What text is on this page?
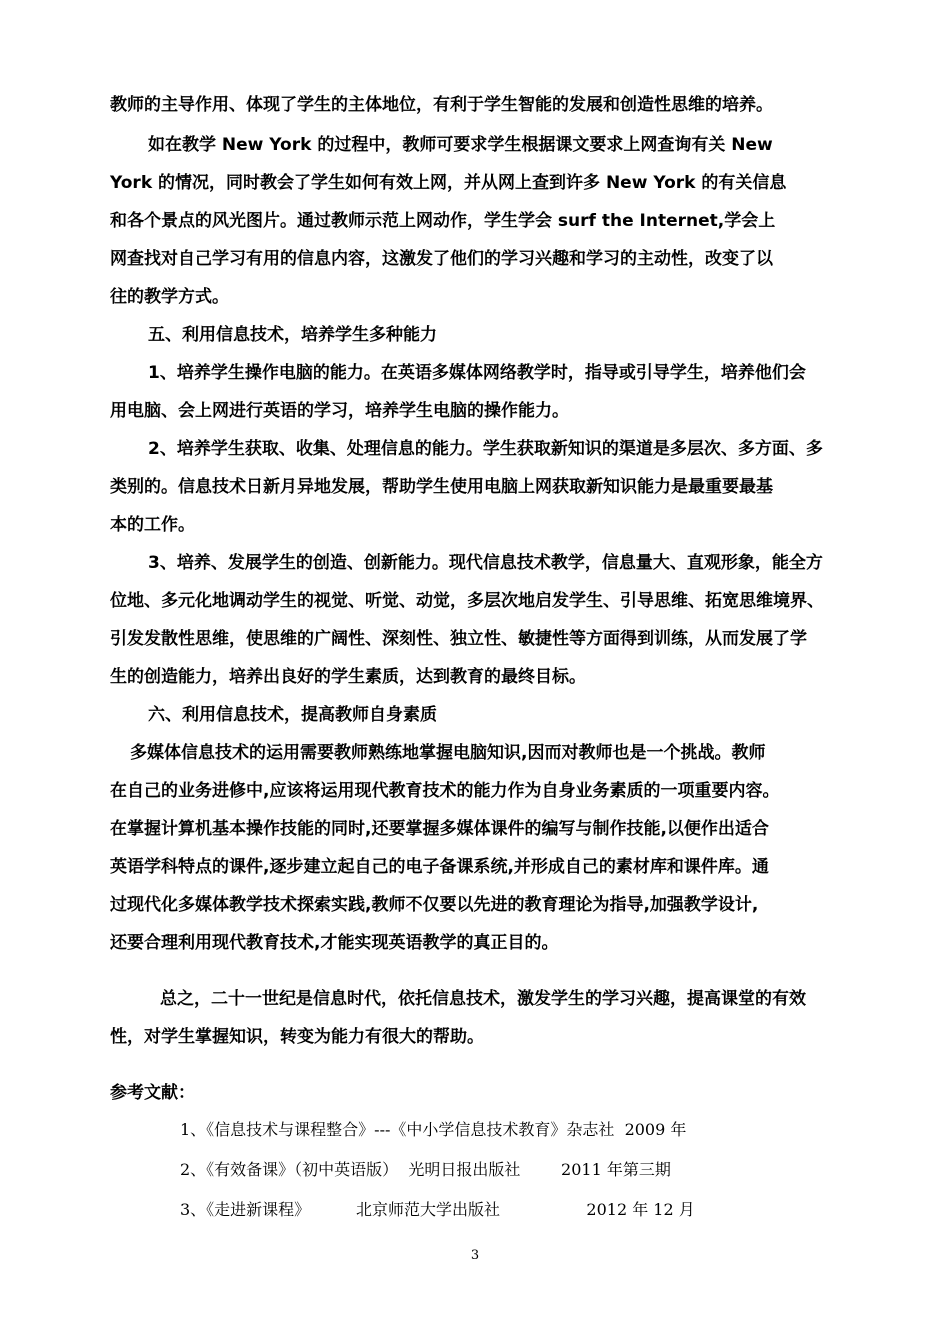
教师的主导作用、体现了学生的主体地位，有利于学生智能的发展和创造性思维的培养。
如在教学 New York 的过程中，教师可要求学生根据课文要求上网查询有关 New
York 的情况，同时教会了学生如何有效上网，并从网上查到许多 New York 的有关信息
和各个景点的风光图片。通过教师示范上网动作，学生学会 surf the Internet,学会上
网查找对自己学习有用的信息内容，这激发了他们的学习兴趣和学习的主动性，改变了以
往的教学方式。
五、利用信息技术，培养学生多种能力
1、培养学生操作电脑的能力。在英语多媒体网络教学时，指导或引导学生，培养他们会
用电脑、会上网进行英语的学习，培养学生电脑的操作能力。
2、培养学生获取、收集、处理信息的能力。学生获取新知识的渠道是多层次、多方面、多
类别的。信息技术日新月异地发展，帮助学生使用电脑上网获取新知识能力是最重要最基
本的工作。
3、培养、发展学生的创造、创新能力。现代信息技术教学，信息量大、直观形象，能全方
位地、多元化地调动学生的视觉、听觉、动觉，多层次地启发学生、引导思维、拓宽思维境界、
引发发散性思维，使思维的广阔性、深刻性、独立性、敏捷性等方面得到训练，从而发展了学
生的创造能力，培养出良好的学生素质，达到教育的最终目标。
六、利用信息技术，提高教师自身素质
多媒体信息技术的运用需要教师熟练地掌握电脑知识,因而对教师也是一个挑战。教师
在自己的业务进修中,应该将运用现代教育技术的能力作为自身业务素质的一项重要内容。
在掌握计算机基本操作技能的同时,还要掌握多媒体课件的编写与制作技能,以便作出适合
英语学科特点的课件,逐步建立起自己的电子备课系统,并形成自己的素材库和课件库。通
过现代化多媒体教学技术探索实践,教师不仅要以先进的教育理论为指导,加强教学设计,
还要合理利用现代教育技术,才能实现英语教学的真正目的。
总之，二十一世纪是信息时代，依托信息技术，激发学生的学习兴趣，提高课堂的有效
性，对学生掌握知识，转变为能力有很大的帮助。
参考文献：
1、《信息技术与课程整合》---《中小学信息技术教育》杂志社  2009 年
2、《有效备课》（初中英语版）  光明日报出版社        2011 年第三期
3、《走进新课程》         北京师范大学出版社                 2012 年 12 月
3
